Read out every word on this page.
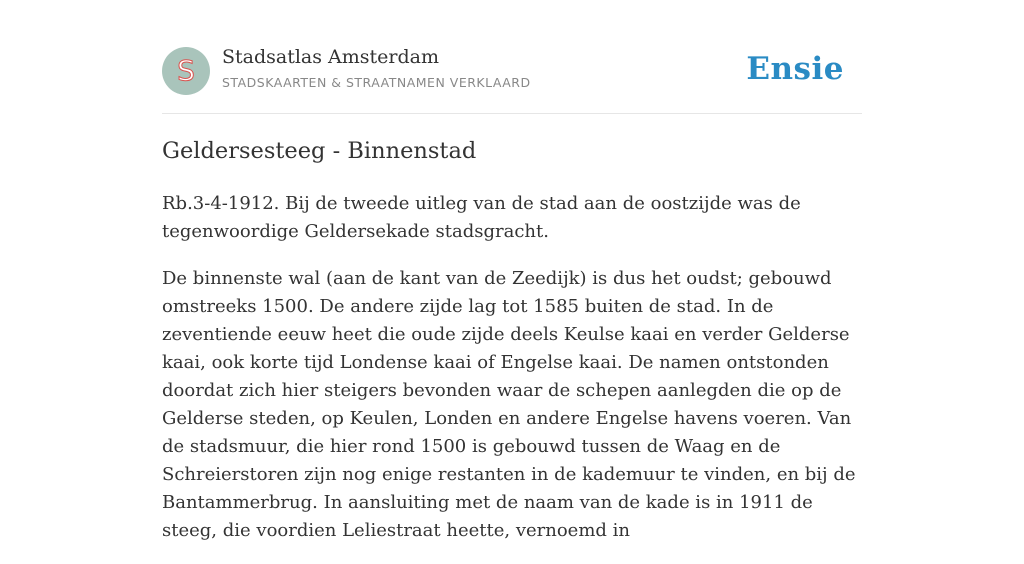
S Stadsatlas Amsterdam
STADSKAARTEN & STRAATNAMEN VERKLAARD	Ensie
Geldersesteeg - Binnenstad

Rb.3-4-1912. Bij de tweede uitleg van de stad aan de oostzijde was de tegenwoordige Geldersekade stadsgracht.

De binnenste wal (aan de kant van de Zeedijk) is dus het oudst; gebouwd omstreeks 1500. De andere zijde lag tot 1585 buiten de stad. In de zeventiende eeuw heet die oude zijde deels Keulse kaai en verder Gelderse kaai, ook korte tijd Londense kaai of Engelse kaai. De namen ontstonden doordat zich hier steigers bevonden waar de schepen aanlegden die op de Gelderse steden, op Keulen, Londen en andere Engelse havens voeren. Van de stadsmuur, die hier rond 1500 is gebouwd tussen de Waag en de Schreierstoren zijn nog enige restanten in de kademuur te vinden, en bij de Bantammerbrug. In aansluiting met de naam van de kade is in 1911 de steeg, die voordien Leliestraat heette, vernoemd in
